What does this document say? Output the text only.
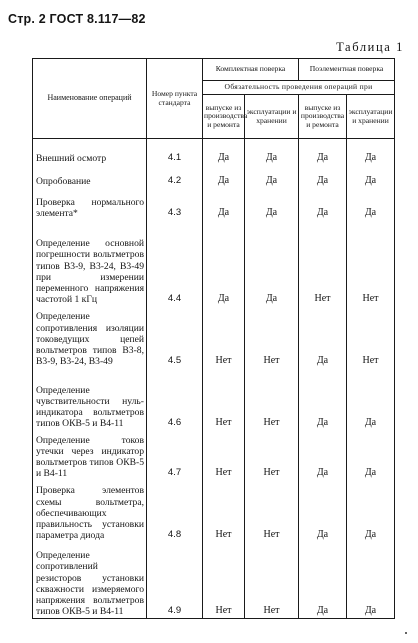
Стр. 2 ГОСТ 8.117—82
Таблица 1
Наименование операций	Номер пункта стандарта	Комплектная поверка		Поэлементная поверка	
		Обязательность проведения операций при			
		выпуске из производства и ремонта	эксплуатации и хранении	выпуске из производства и ремонта	эксплуатации и хранении

Внешний осмотр	4.1	Да	Да	Да	Да
Опробование	4.2	Да	Да	Да	Да
Проверка нормального элемента*	4.3	Да	Да	Да	Да
Определение основной погрешности вольтметров типов В3-9, В3-24, В3-49 при измерении переменного напряжения частотой 1 кГц	4.4	Да	Да	Нет	Нет
Определение сопротивления изоляции токоведущих цепей вольтметров типов В3-8, В3-9, В3-24, В3-49	4.5	Нет	Нет	Да	Нет
Определение чувствительности нуль-индикатора вольтметров типов ОКВ-5 и В4-11	4.6	Нет	Нет	Да	Да
Определение токов утечки через индикатор вольтметров типов ОКВ-5 и В4-11	4.7	Нет	Нет	Да	Да
Проверка элементов схемы вольтметра, обеспечивающих правильность установки параметра диода	4.8	Нет	Нет	Да	Да
Определение сопротивлений резисторов установки скважности измеряемого напряжения вольтметров типов ОКВ-5 и В4-11	4.9	Нет	Нет	Да	Да
